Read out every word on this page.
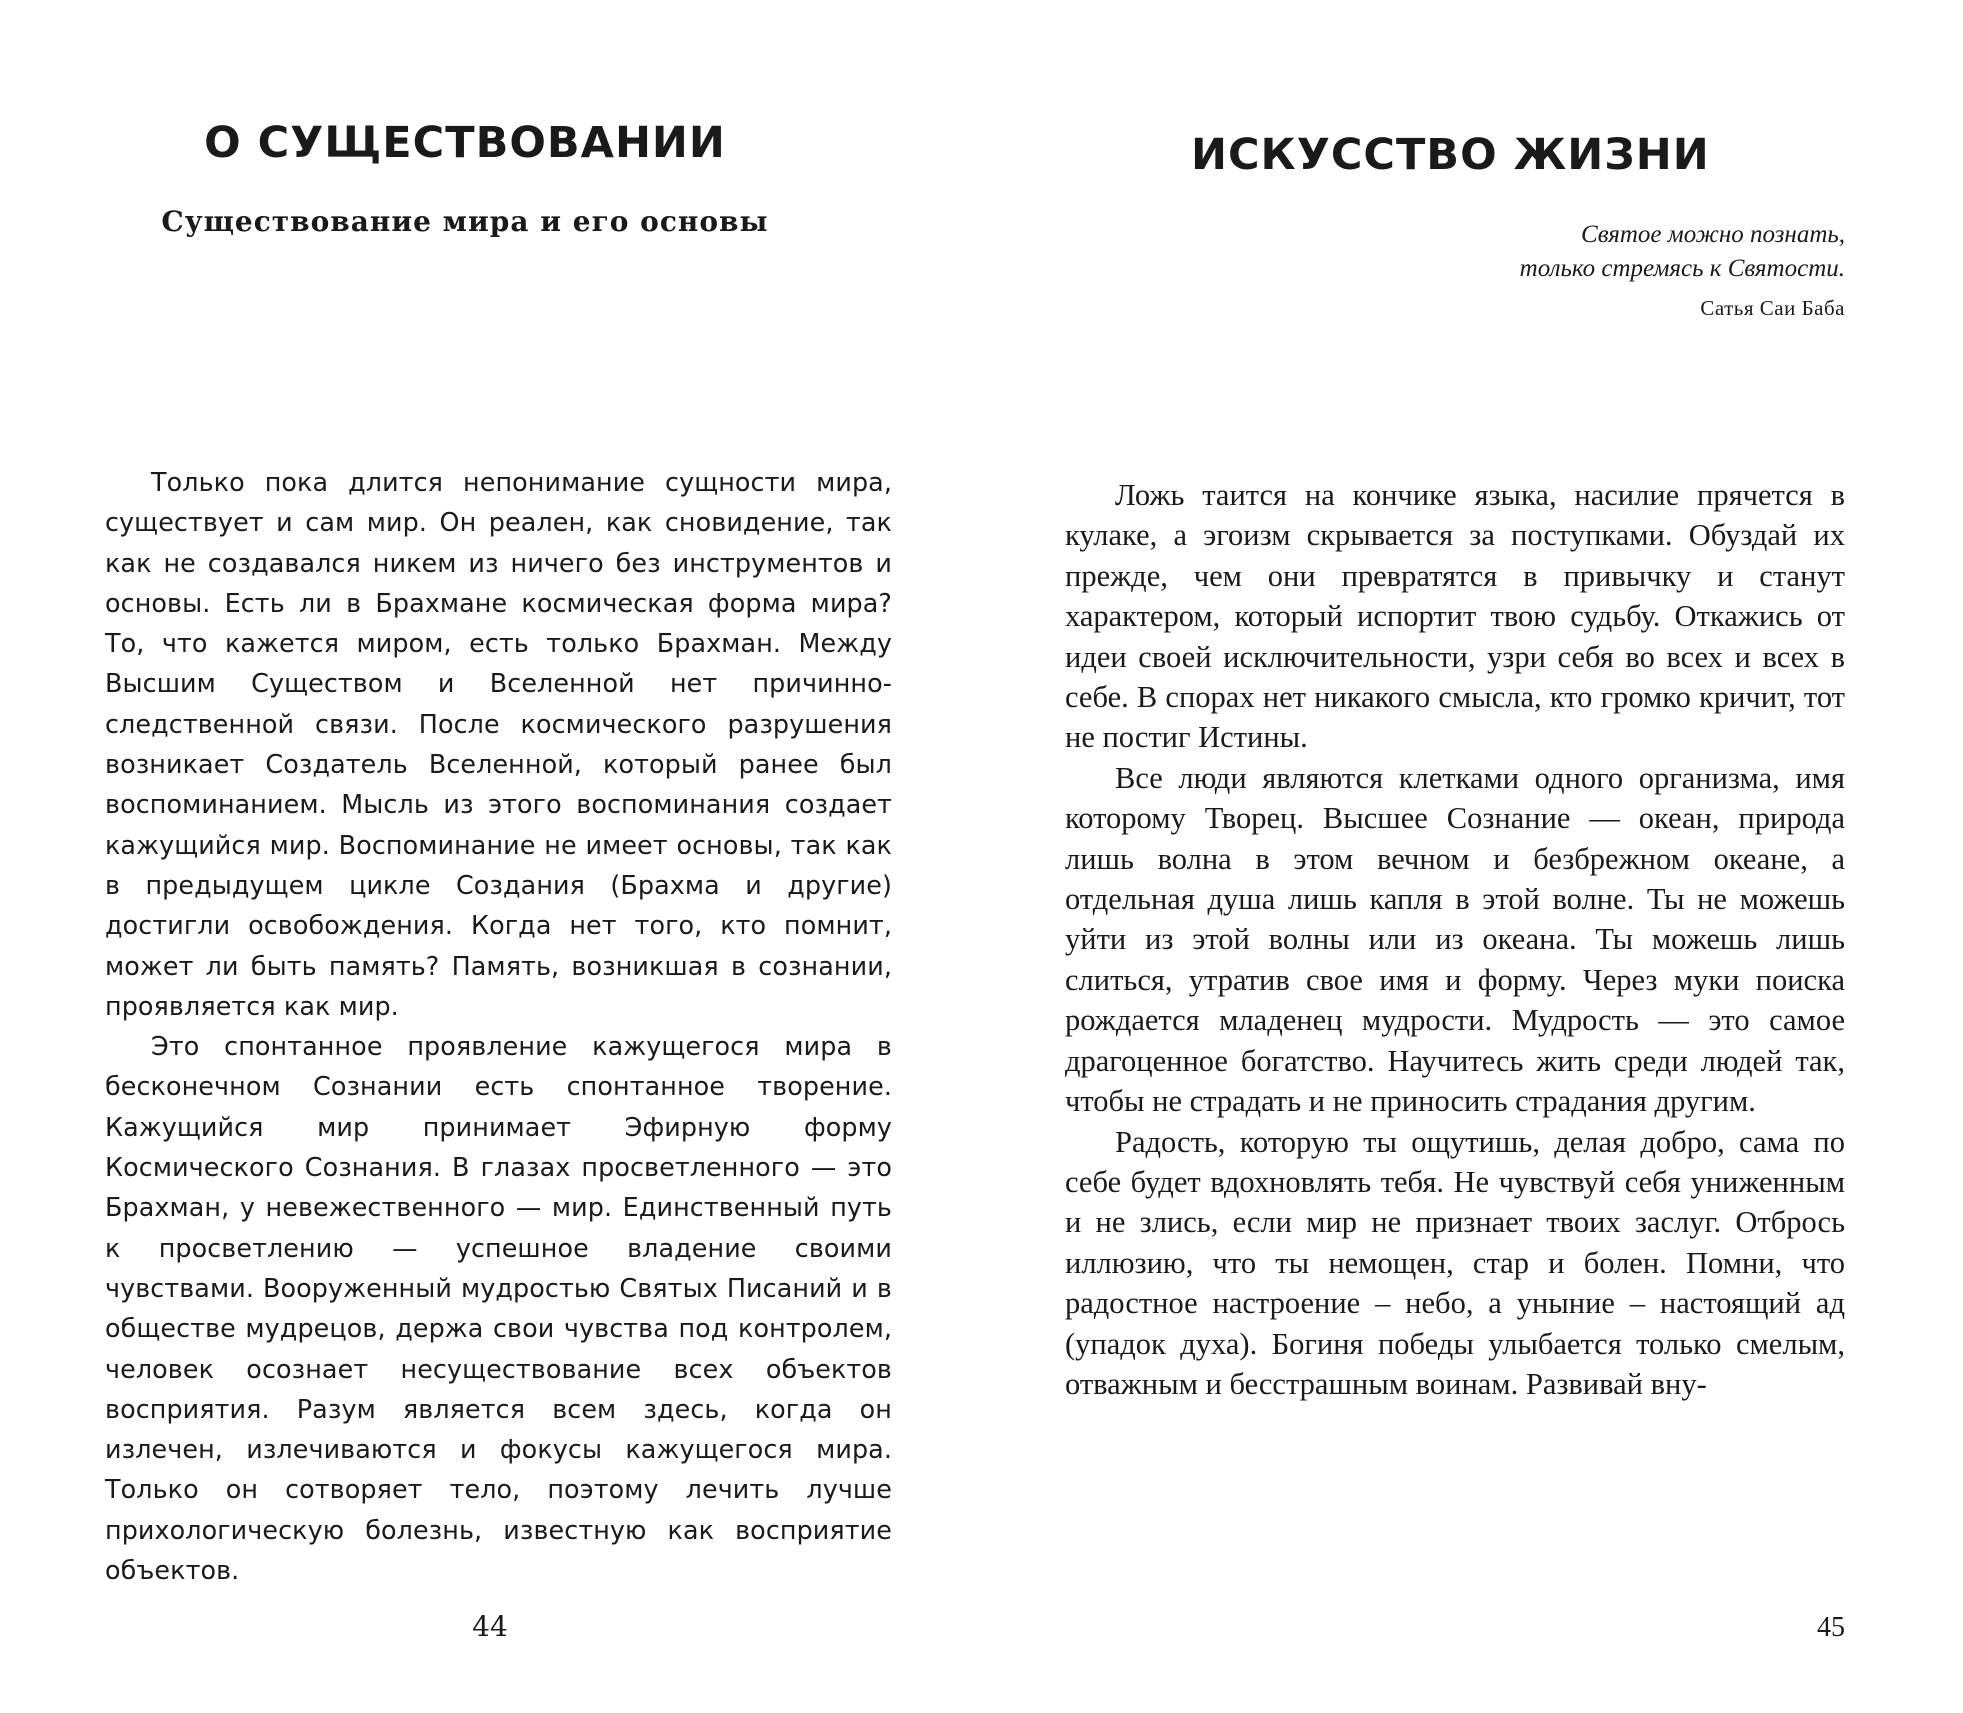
О СУЩЕСТВОВАНИИ
Существование мира и его основы

Только пока длится непонимание сущности мира, существует и сам мир. Он реален, как сновидение, так как не создавался никем из ничего без инструментов и основы. Есть ли в Брахмане космическая форма мира? То, что кажется миром, есть только Брахман. Между Высшим Существом и Вселенной нет причинно-следственной связи. После космического разрушения возникает Создатель Вселенной, который ранее был воспоминанием. Мысль из этого воспоминания создает кажущийся мир. Воспоминание не имеет основы, так как в предыдущем цикле Создания (Брахма и другие) достигли освобождения. Когда нет того, кто помнит, может ли быть память? Память, возникшая в сознании, проявляется как мир.

Это спонтанное проявление кажущегося мира в бесконечном Сознании есть спонтанное творение. Кажущийся мир принимает Эфирную форму Космического Сознания. В глазах просветленного — это Брахман, у невежественного — мир. Единственный путь к просветлению — успешное владение своими чувствами. Вооруженный мудростью Святых Писаний и в обществе мудрецов, держа свои чувства под контролем, человек осознает несуществование всех объектов восприятия. Разум является всем здесь, когда он излечен, излечиваются и фокусы кажущегося мира. Только он сотворяет тело, поэтому лечить лучше прихологическую болезнь, известную как восприятие объектов.

44
ИСКУССТВО ЖИЗНИ
Святое можно познать,
только стремясь к Святости.
Сатья Саи Баба

Ложь таится на кончике языка, насилие прячется в кулаке, а эгоизм скрывается за поступками. Обуздай их прежде, чем они превратятся в привычку и станут характером, который испортит твою судьбу. Откажись от идеи своей исключительности, узри себя во всех и всех в себе. В спорах нет никакого смысла, кто громко кричит, тот не постиг Истины.

Все люди являются клетками одного организма, имя которому Творец. Высшее Сознание — океан, природа лишь волна в этом вечном и безбрежном океане, а отдельная душа лишь капля в этой волне. Ты не можешь уйти из этой волны или из океана. Ты можешь лишь слиться, утратив свое имя и форму. Через муки поиска рождается младенец мудрости. Мудрость — это самое драгоценное богатство. Научитесь жить среди людей так, чтобы не страдать и не приносить страдания другим.

Радость, которую ты ощутишь, делая добро, сама по себе будет вдохновлять тебя. Не чувствуй себя униженным и не злись, если мир не признает твоих заслуг. Отбрось иллюзию, что ты немощен, стар и болен. Помни, что радостное настроение – небо, а уныние – настоящий ад (упадок духа). Богиня победы улыбается только смелым, отважным и бесстрашным воинам. Развивай вну-

45
